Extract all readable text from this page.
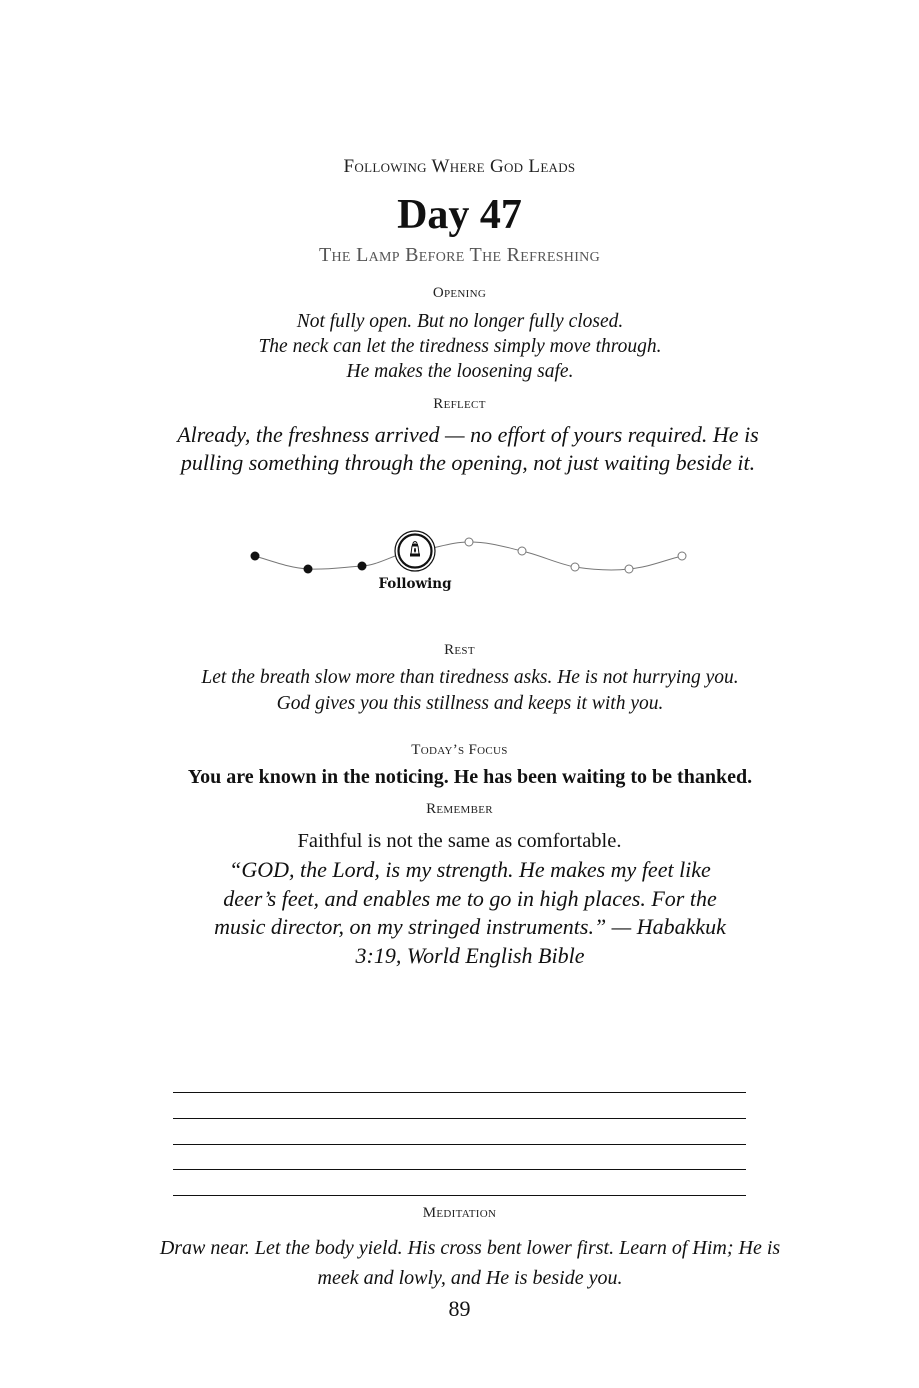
Following Where God Leads
Day 47
The Lamp Before The Refreshing
Opening
Not fully open. But no longer fully closed.
The neck can let the tiredness simply move through.
He makes the loosening safe.
Reflect
Already, the freshness arrived — no effort of yours required. He is pulling something through the opening, not just waiting beside it.
Following
Rest
Let the breath slow more than tiredness asks. He is not hurrying you.
God gives you this stillness and keeps it with you.
Today’s Focus
You are known in the noticing. He has been waiting to be thanked.
Remember
Faithful is not the same as comfortable.
“GOD, the Lord, is my strength. He makes my feet like deer’s feet, and enables me to go in high places. For the music director, on my stringed instruments.” — Habakkuk 3:19, World English Bible
Meditation
Draw near. Let the body yield. His cross bent lower first. Learn of Him; He is meek and lowly, and He is beside you.
89
